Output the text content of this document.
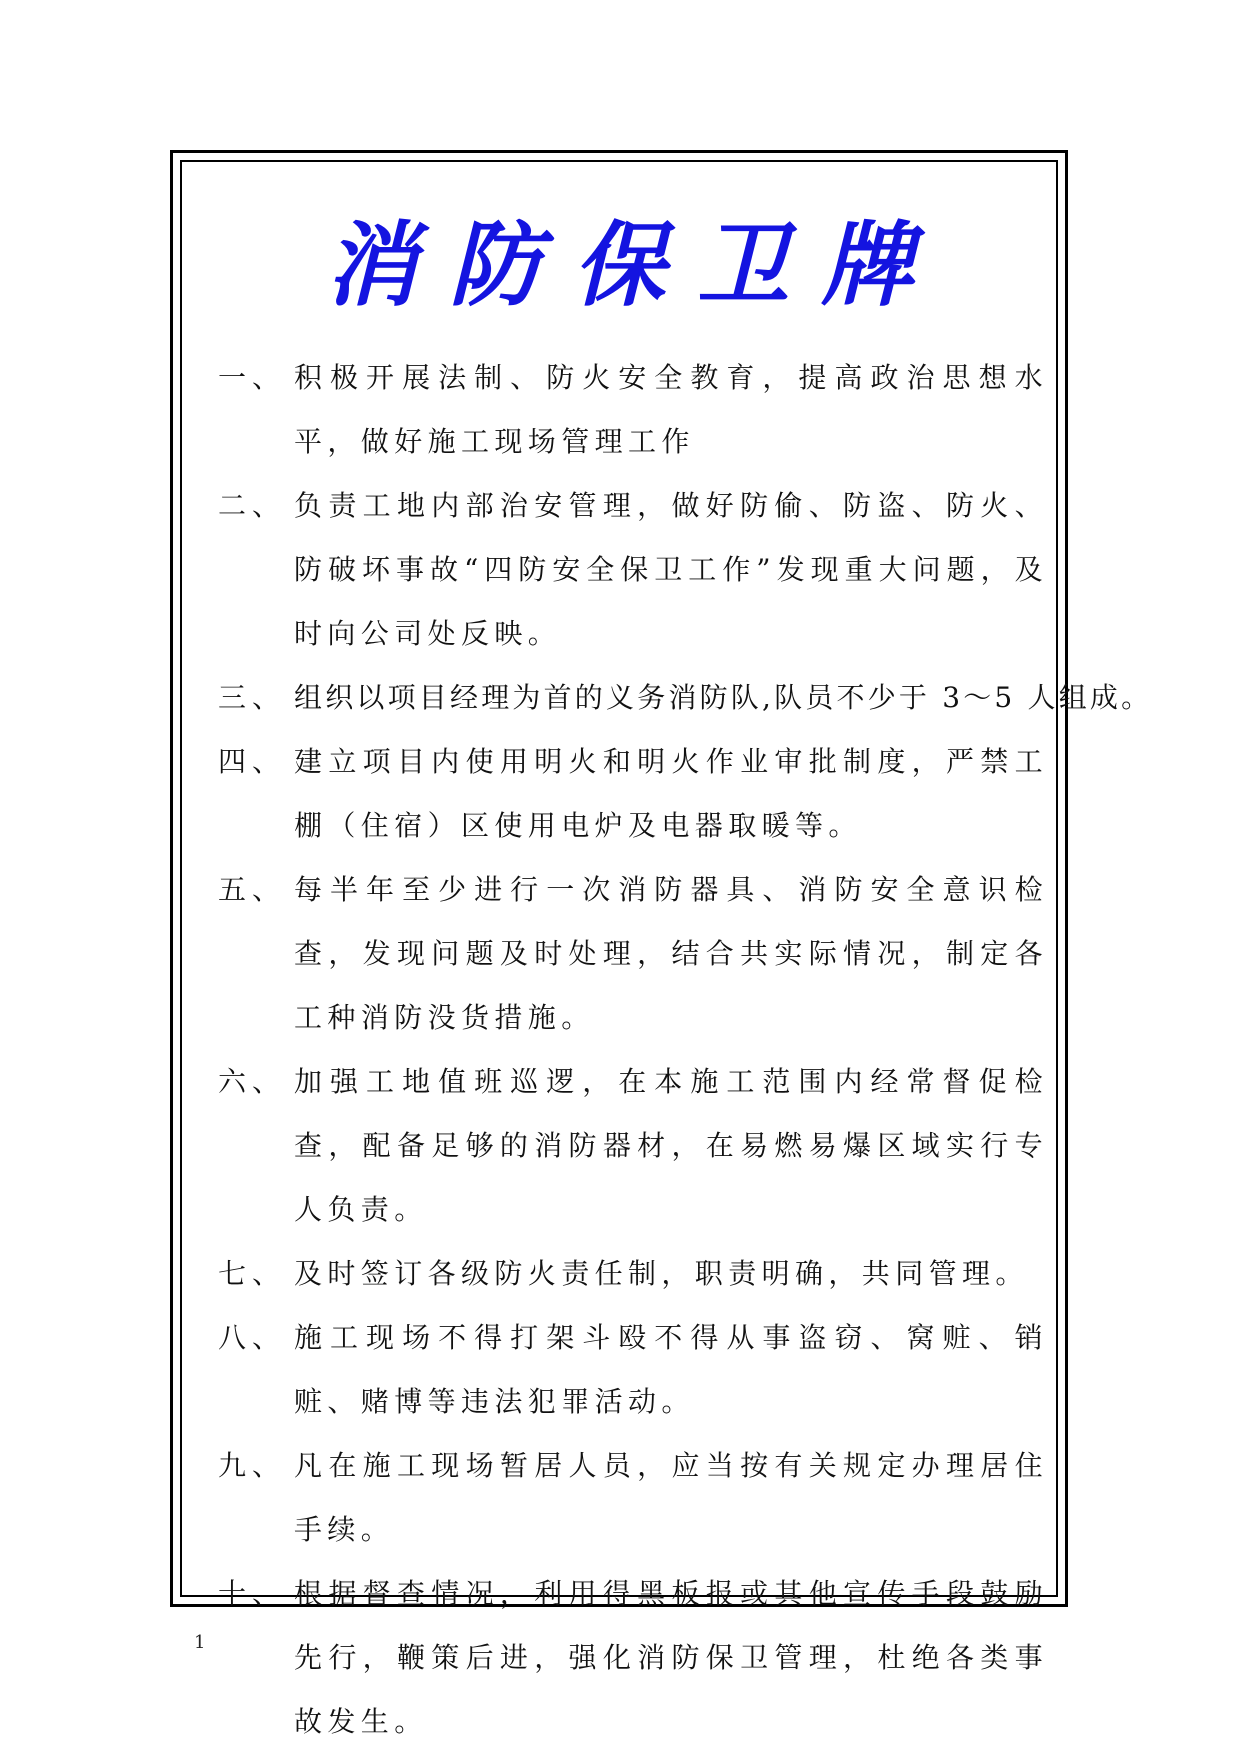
消防保卫牌
一、 积极开展法制、防火安全教育，提高政治思想水平，做好施工现场管理工作
二、 负责工地内部治安管理，做好防偷、防盗、防火、防破坏事故“四防安全保卫工作”发现重大问题，及时向公司处反映。
三、 组织以项目经理为首的义务消防队,队员不少于 3～5 人组成。
四、 建立项目内使用明火和明火作业审批制度，严禁工棚（住宿）区使用电炉及电器取暖等。
五、 每半年至少进行一次消防器具、消防安全意识检查，发现问题及时处理，结合共实际情况，制定各工种消防没货措施。
六、 加强工地值班巡逻，在本施工范围内经常督促检查，配备足够的消防器材，在易燃易爆区域实行专人负责。
七、 及时签订各级防火责任制，职责明确，共同管理。
八、 施工现场不得打架斗殴不得从事盗窃、窝赃、销赃、赌博等违法犯罪活动。
九、 凡在施工现场暂居人员，应当按有关规定办理居住手续。
十、 根据督查情况，利用得黑板报或其他宣传手段鼓励先行，鞭策后进，强化消防保卫管理，杜绝各类事故发生。
1
